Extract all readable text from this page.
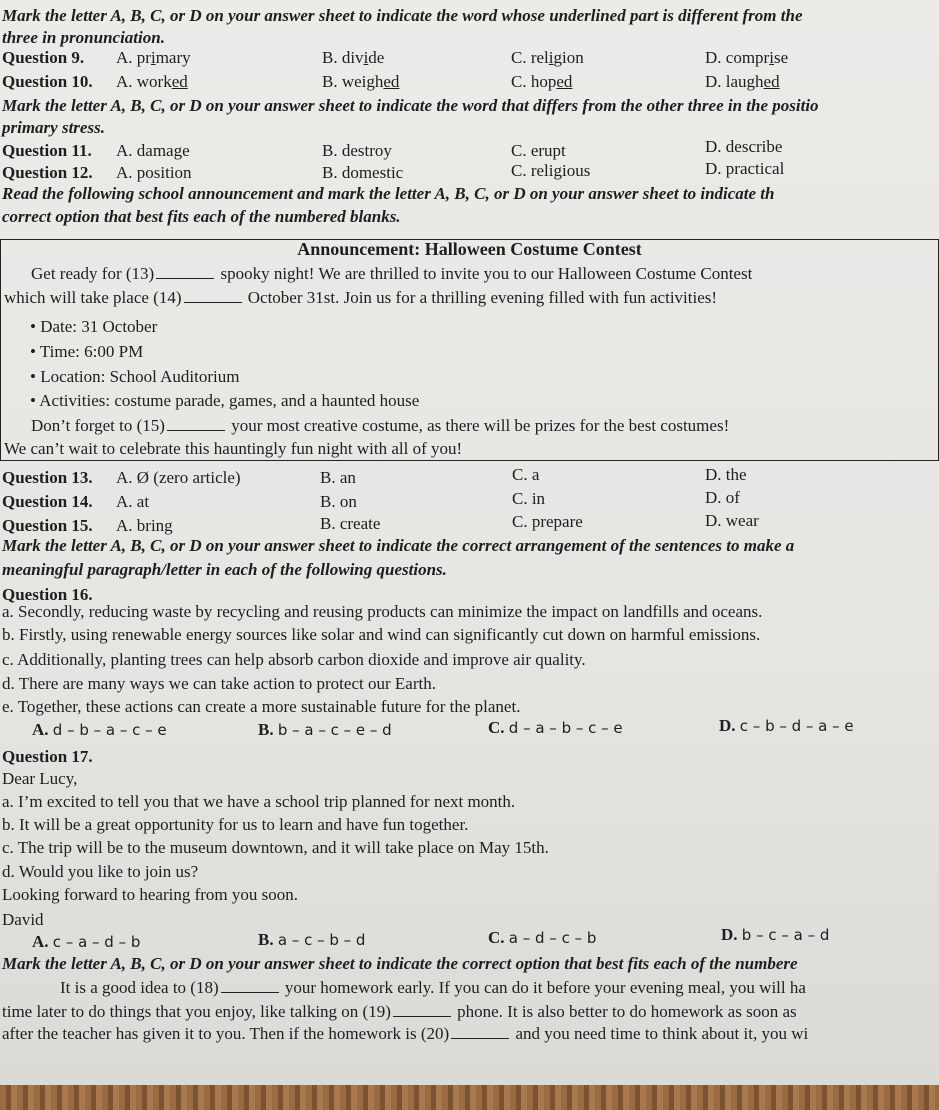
Mark the letter A, B, C, or D on your answer sheet to indicate the word whose underlined part is different from the
three in pronunciation.
Question 9. A. primary	B. divide	C. religion	D. comprise
Question 10. A. worked	B. weighed	C. hoped	D. laughed
Mark the letter A, B, C, or D on your answer sheet to indicate the word that differs from the other three in the positio
primary stress.
Question 11. A. damage	B. destroy	C. erupt	D. describe
Question 12. A. position	B. domestic	C. religious	D. practical
Read the following school announcement and mark the letter A, B, C, or D on your answer sheet to indicate th
correct option that best fits each of the numbered blanks.
Announcement: Halloween Costume Contest
Get ready for (13)	spooky night! We are thrilled to invite you to our Halloween Costume Contest
which will take place (14)	October 31st. Join us for a thrilling evening filled with fun activities!
• Date: 31 October
• Time: 6:00 PM
• Location: School Auditorium
• Activities: costume parade, games, and a haunted house
Don’t forget to (15)	your most creative costume, as there will be prizes for the best costumes!
We can’t wait to celebrate this hauntingly fun night with all of you!
Question 13. A. Ø (zero article)	B. an	C. a	D. the
Question 14. A. at	B. on	C. in	D. of
Question 15. A. bring	B. create	C. prepare	D. wear
Mark the letter A, B, C, or D on your answer sheet to indicate the correct arrangement of the sentences to make a
meaningful paragraph/letter in each of the following questions.
Question 16.
a. Secondly, reducing waste by recycling and reusing products can minimize the impact on landfills and oceans.
b. Firstly, using renewable energy sources like solar and wind can significantly cut down on harmful emissions.
c. Additionally, planting trees can help absorb carbon dioxide and improve air quality.
d. There are many ways we can take action to protect our Earth.
e. Together, these actions can create a more sustainable future for the planet.
A. d – b – a – c – e	B. b – a – c – e – d	C. d – a – b – c – e	D. c – b – d – a – e
Question 17.
Dear Lucy,
a. I’m excited to tell you that we have a school trip planned for next month.
b. It will be a great opportunity for us to learn and have fun together.
c. The trip will be to the museum downtown, and it will take place on May 15th.
d. Would you like to join us?
Looking forward to hearing from you soon.
David
A. c – a – d – b	B. a – c – b – d	C. a – d – c – b	D. b – c – a – d
Mark the letter A, B, C, or D on your answer sheet to indicate the correct option that best fits each of the numbere
It is a good idea to (18)	your homework early. If you can do it before your evening meal, you will ha
time later to do things that you enjoy, like talking on (19)	phone. It is also better to do homework as soon as
after the teacher has given it to you. Then if the homework is (20)	and you need time to think about it, you wi
